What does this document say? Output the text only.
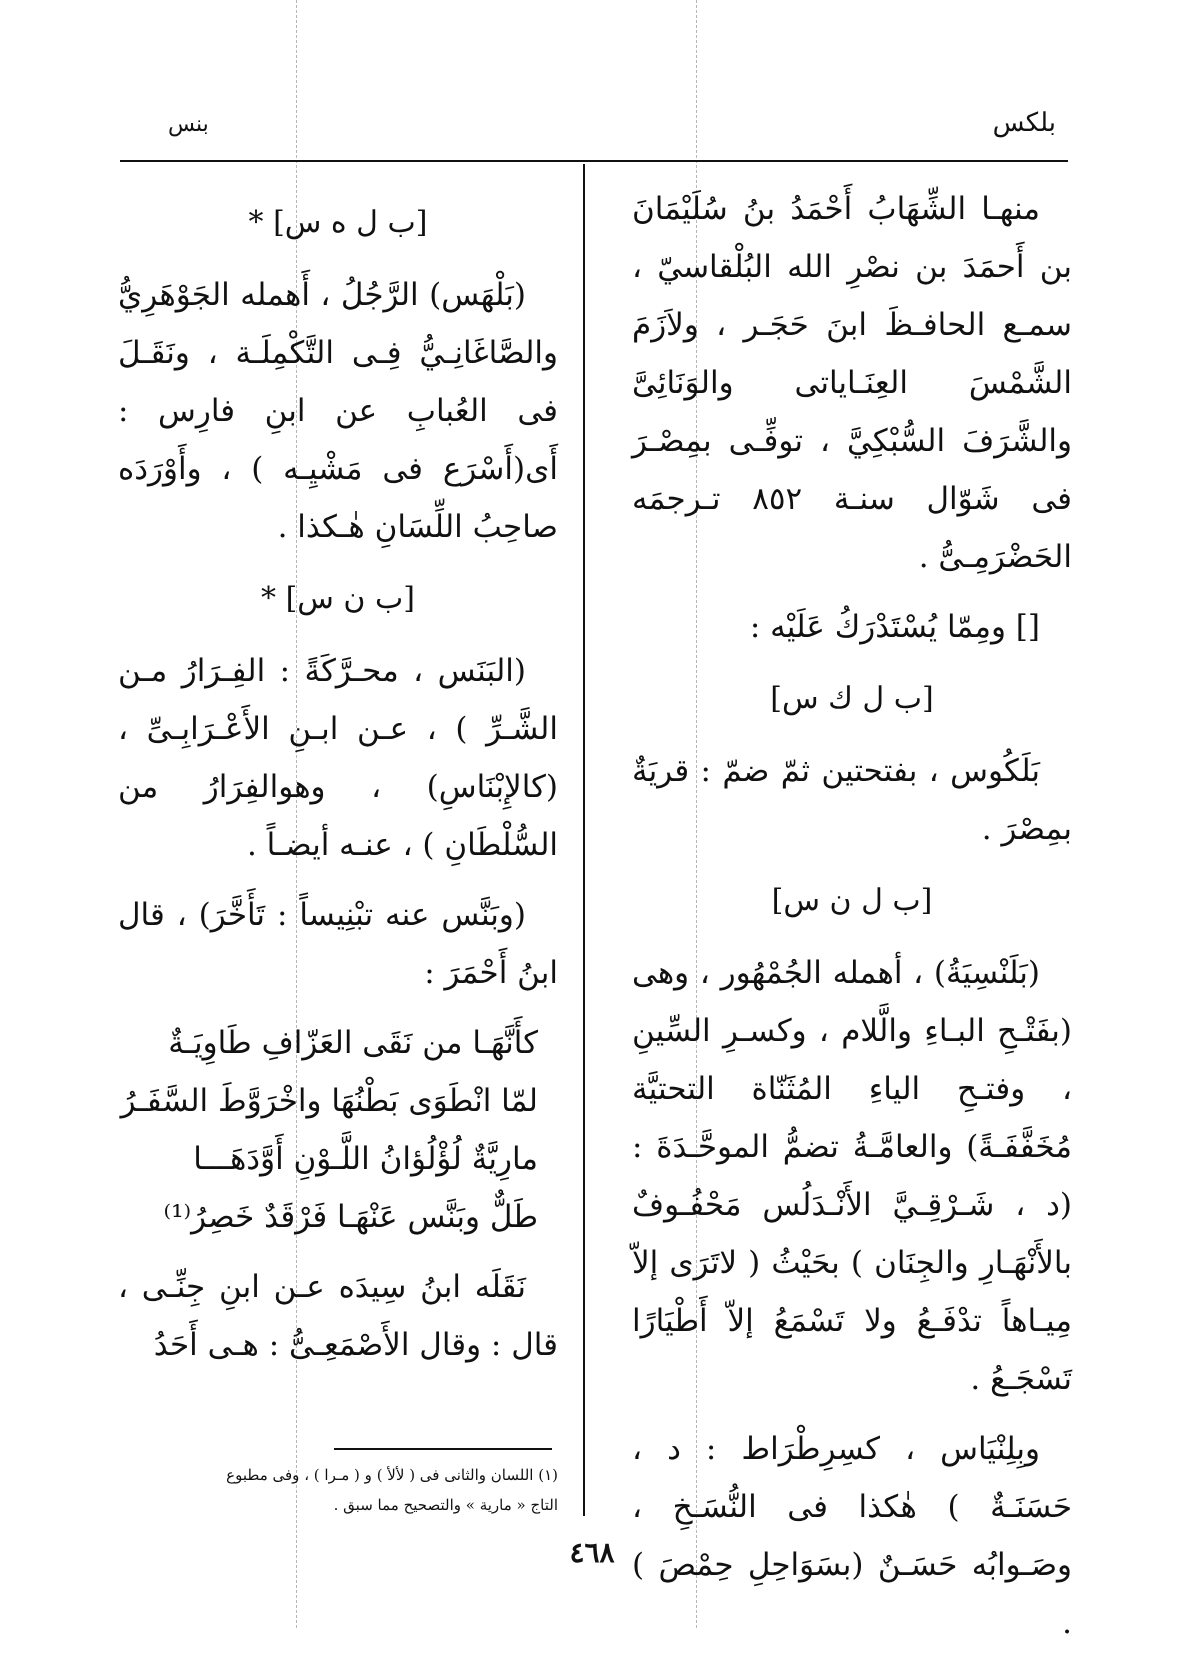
بلكس
بنس

منهـا الشِّهَابُ أَحْمَدُ بنُ سُلَيْمَانَ بن أَحمَدَ بن نصْرِ الله البُلْقاسيّ ، سمـع الحافـظَ ابنَ حَجَـر ، ولاَزَمَ الشَّمْسَ العِنَـاياتى والوَنَائِىَّ والشَّرَفَ السُّبْكِيَّ ، توفِّـى بمِصْـرَ فى شَوّال سنـة ٨٥٢ تـرجمَه الحَضْرَمِـىُّ .

[] ومِمّا يُسْتَدْرَكُ عَلَيْه :

[ب ل ك س]

بَلَكُوس ، بفتحتين ثمّ ضمّ : قريَةٌ بمِصْرَ .

[ب ل ن س]

(بَلَنْسِيَةُ) ، أهمله الجُمْهُور ، وهى (بفَتْـحِ البـاءِ والَّلام ، وكسـرِ السِّينِ ، وفتـحِ الياءِ المُثَنّاة التحتيَّة مُخَفَّفَـةً) والعامَّـةُ تضمُّ الموحَّـدَةَ : (د ، شَـرْقِـيَّ الأَنْـدَلُس مَحْفُـوفٌ بالأَنْهَـارِ والجِنَان ) بحَيْثُ ( لاتَرَى إلاّ مِيـاهاً تدْفَـعُ ولا تَسْمَعُ إلاّ أَطْيَارًا تَسْجَـعُ .

وبِلِنْيَاس ، كسِرِطْرَاط : د ، حَسَنَـةٌ ) هٰكذا فى النُّسَـخِ ، وصَـوابُه حَسَـنٌ (بسَوَاحِلِ حِمْصَ ) .

[ب ل ه س] *

(بَلْهَس) الرَّجُلُ ، أَهمله الجَوْهَرِيُّ والصَّاغَانِـيُّ فِـى التَّكْمِلَـة ، ونَقَـلَ فى العُبابِ عن ابنِ فارِس : أَى(أَسْرَع فى مَشْيِـه ) ، وأَوْرَدَه صاحِبُ اللِّسَانِ هٰـكذا .

[ب ن س] *

(البَنَس ، محـرَّكَةً : الفِـرَارُ مـن الشَّـرِّ ) ، عـن ابـنِ الأَعْـرَابِـىِّ ، (كالإِبْنَاسِ) ، وهوالفِرَارُ من السُّلْطَانِ ) ، عنـه أيضـاً .

(وبَنَّس عنه تبْنِيساً : تَأَخَّرَ) ، قال ابنُ أَحْمَرَ :

كأَنَّهَـا من نَقَى العَزّافِ طَاوِيَـةٌ

لمّا انْطَوَى بَطْنُهَا واخْرَوَّطَ السَّفَـرُ

مارِيَّةٌ لُؤْلُؤانُ اللَّـوْنِ أَوَّدَهَـــا

طَلٌّ وبَنَّس عَنْهَـا فَرْقَدٌ خَصِرُ⁽¹⁾

نَقَلَه ابنُ سِيدَه عـن ابنِ جِنِّـى ، قال : وقال الأَصْمَعِـىُّ : هـى أَحَدُ

(١) اللسان والثانى فى ( لألأ ) و ( مـرا ) ، وفى مطبوع

التاج « مارية » والتصحيح مما سبق .

٤٦٨
